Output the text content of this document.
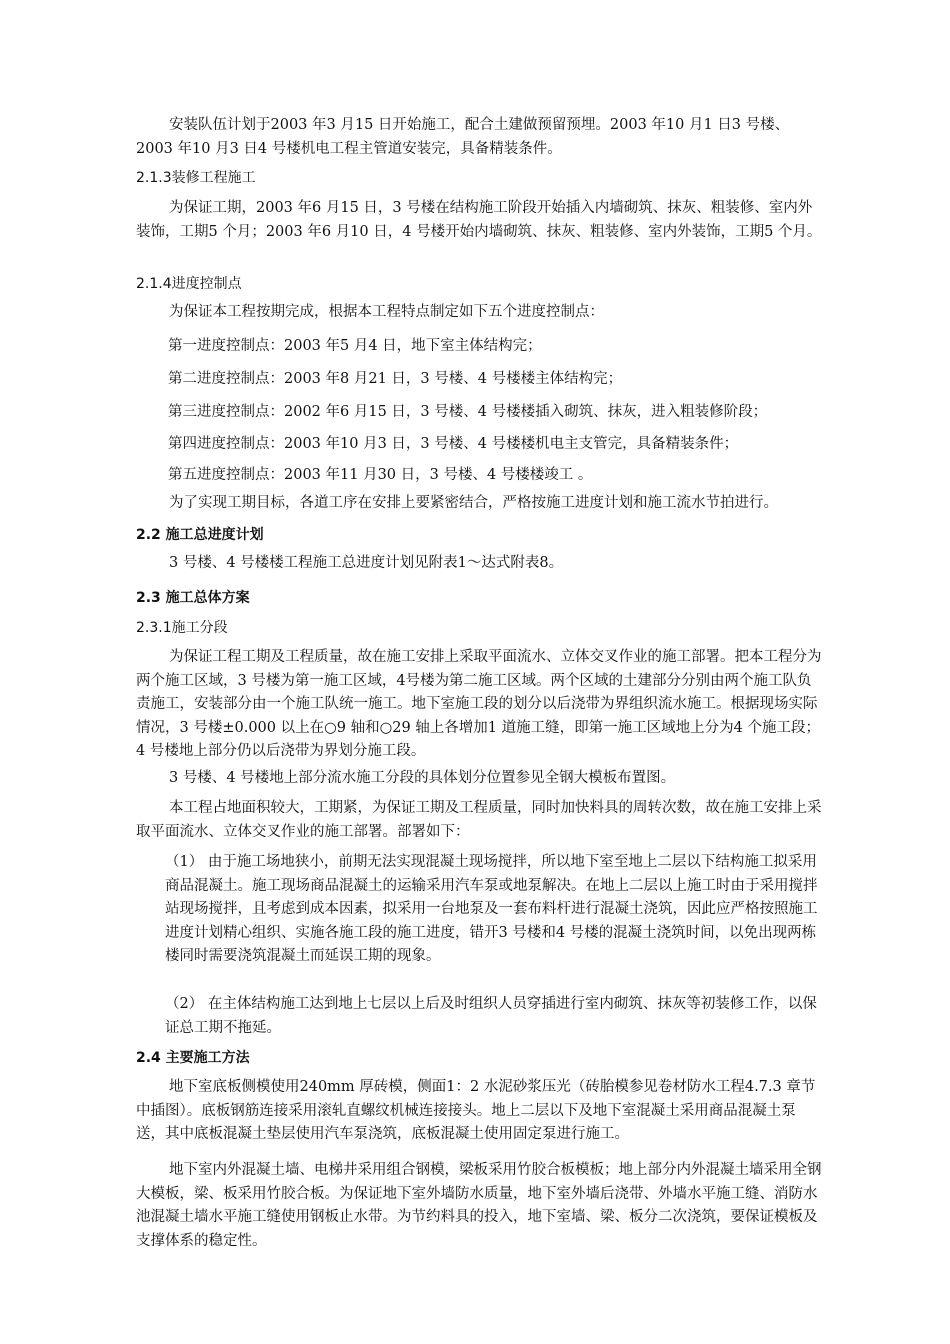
安装队伍计划于2003 年3 月15 日开始施工，配合土建做预留预埋。2003 年10 月1 日3 号楼、2003 年10 月3 日4 号楼机电工程主管道安装完，具备精装条件。

2.1.3装修工程施工

为保证工期，2003 年6 月15 日，3 号楼在结构施工阶段开始插入内墙砌筑、抹灰、粗装修、室内外装饰，工期5 个月；2003 年6 月10 日，4 号楼开始内墙砌筑、抹灰、粗装修、室内外装饰，工期5 个月。

2.1.4进度控制点

为保证本工程按期完成，根据本工程特点制定如下五个进度控制点：

第一进度控制点：2003 年5 月4 日，地下室主体结构完；
第二进度控制点：2003 年8 月21 日，3 号楼、4 号楼楼主体结构完；
第三进度控制点：2002 年6 月15 日，3 号楼、4 号楼楼插入砌筑、抹灰，进入粗装修阶段；
第四进度控制点：2003 年10 月3 日，3 号楼、4 号楼楼机电主支管完，具备精装条件；
第五进度控制点：2003 年11 月30 日，3 号楼、4 号楼楼竣工 。

为了实现工期目标，各道工序在安排上要紧密结合，严格按施工进度计划和施工流水节拍进行。

2.2 施工总进度计划

3 号楼、4 号楼楼工程施工总进度计划见附表1～达式附表8。

2.3 施工总体方案
2.3.1施工分段

为保证工程工期及工程质量，故在施工安排上采取平面流水、立体交叉作业的施工部署。把本工程分为两个施工区域，3 号楼为第一施工区域，4号楼为第二施工区域。两个区域的土建部分分别由两个施工队负责施工，安装部分由一个施工队统一施工。地下室施工段的划分以后浇带为界组织流水施工。根据现场实际情况，3 号楼±0.000 以上在○9 轴和○29 轴上各增加1 道施工缝，即第一施工区域地上分为4 个施工段；4 号楼地上部分仍以后浇带为界划分施工段。

3 号楼、4 号楼地上部分流水施工分段的具体划分位置参见全钢大模板布置图。

本工程占地面积较大，工期紧，为保证工期及工程质量，同时加快料具的周转次数，故在施工安排上采取平面流水、立体交叉作业的施工部署。部署如下：

（1） 由于施工场地狭小，前期无法实现混凝土现场搅拌，所以地下室至地上二层以下结构施工拟采用商品混凝土。施工现场商品混凝土的运输采用汽车泵或地泵解决。在地上二层以上施工时由于采用搅拌站现场搅拌，且考虑到成本因素，拟采用一台地泵及一套布料杆进行混凝土浇筑，因此应严格按照施工进度计划精心组织、实施各施工段的施工进度，错开3 号楼和4 号楼的混凝土浇筑时间，以免出现两栋楼同时需要浇筑混凝土而延误工期的现象。
（2） 在主体结构施工达到地上七层以上后及时组织人员穿插进行室内砌筑、抹灰等初装修工作，以保证总工期不拖延。
2.4 主要施工方法

地下室底板侧模使用240mm 厚砖模，侧面1：2 水泥砂浆压光（砖胎模参见卷材防水工程4.7.3 章节中插图）。底板钢筋连接采用滚轧直螺纹机械连接接头。地上二层以下及地下室混凝土采用商品混凝土泵送，其中底板混凝土垫层使用汽车泵浇筑，底板混凝土使用固定泵进行施工。

地下室内外混凝土墙、电梯井采用组合钢模，梁板采用竹胶合板模板；地上部分内外混凝土墙采用全钢大模板，梁、板采用竹胶合板。为保证地下室外墙防水质量，地下室外墙后浇带、外墙水平施工缝、消防水池混凝土墙水平施工缝使用钢板止水带。为节约料具的投入，地下室墙、梁、板分二次浇筑，要保证模板及支撑体系的稳定性。
